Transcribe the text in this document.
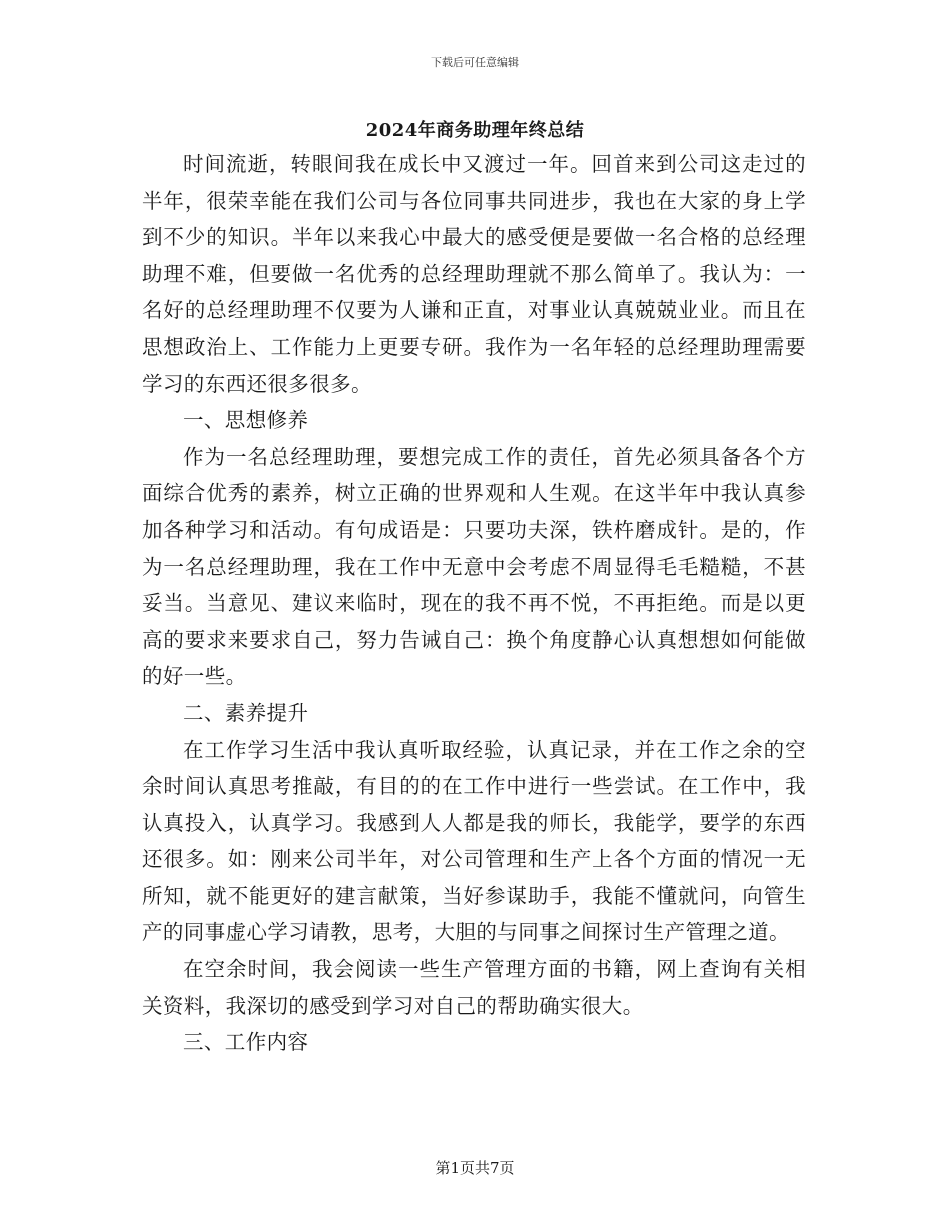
下载后可任意编辑
2024年商务助理年终总结

时间流逝，转眼间我在成长中又渡过一年。回首来到公司这走过的半年，很荣幸能在我们公司与各位同事共同进步，我也在大家的身上学到不少的知识。半年以来我心中最大的感受便是要做一名合格的总经理助理不难，但要做一名优秀的总经理助理就不那么简单了。我认为：一名好的总经理助理不仅要为人谦和正直，对事业认真兢兢业业。而且在思想政治上、工作能力上更要专研。我作为一名年轻的总经理助理需要学习的东西还很多很多。

一、思想修养

作为一名总经理助理，要想完成工作的责任，首先必须具备各个方面综合优秀的素养，树立正确的世界观和人生观。在这半年中我认真参加各种学习和活动。有句成语是：只要功夫深，铁杵磨成针。是的，作为一名总经理助理，我在工作中无意中会考虑不周显得毛毛糙糙，不甚妥当。当意见、建议来临时，现在的我不再不悦，不再拒绝。而是以更高的要求来要求自己，努力告诫自己：换个角度静心认真想想如何能做的好一些。

二、素养提升

在工作学习生活中我认真听取经验，认真记录，并在工作之余的空余时间认真思考推敲，有目的的在工作中进行一些尝试。在工作中，我认真投入，认真学习。我感到人人都是我的师长，我能学，要学的东西还很多。如：刚来公司半年，对公司管理和生产上各个方面的情况一无所知，就不能更好的建言献策，当好参谋助手，我能不懂就问，向管生产的同事虚心学习请教，思考，大胆的与同事之间探讨生产管理之道。

在空余时间，我会阅读一些生产管理方面的书籍，网上查询有关相关资料，我深切的感受到学习对自己的帮助确实很大。

三、工作内容

第1页共7页
